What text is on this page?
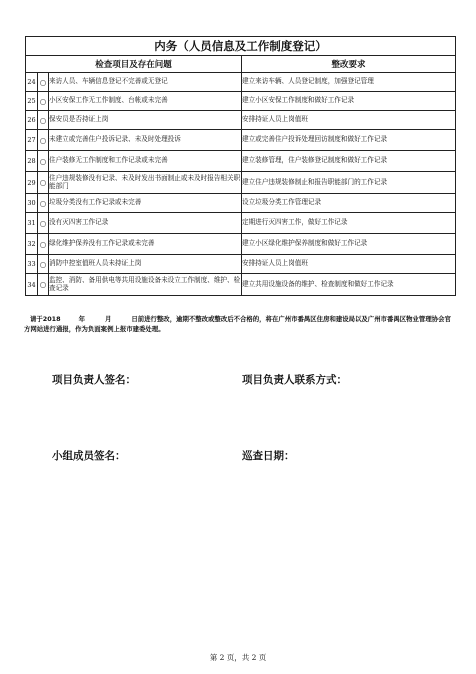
内务（人员信息及工作制度登记）			
检查项目及存在问题			整改要求
24	○	来访人员、车辆信息登记不完善或无登记	建立来访车辆、人员登记制度，加强登记管理
25	○	小区安保工作无工作制度、台帐或未完善	建立小区安保工作制度和做好工作记录
26	○	保安员是否持证上岗	安排持证人员上岗值班
27	○	未建立或完善住户投诉记录、未及时处理投诉	建立或完善住户投诉处理回访制度和做好工作记录
28	○	住户装修无工作制度和工作记录或未完善	建立装修管理，住户装修登记制度和做好工作记录
29	○	住户违规装修没有记录、未及时发出书面制止或未及时报告相关职能部门	建立住户违规装修制止和报告职能部门的工作记录
30	○	垃圾分类没有工作记录或未完善	设立垃圾分类工作管理记录
31	○	没有灭四害工作记录	定期进行灭四害工作，做好工作记录
32	○	绿化维护保养没有工作记录或未完善	建立小区绿化维护保养制度和做好工作记录
33	○	消防中控室值班人员未持证上岗	安排持证人员上岗值班
34	○	监控、消防、备用供电等共用设施设备未设立工作制度、维护、检查记录	建立共用设施设备的维护、检查制度和做好工作记录
请于2018	年	月	日前进行整改，逾期不整改或整改后不合格的，将在广州市番禺区住房和建设局以及广州市番禺区物业管理协会官方网站进行通报，作为负面案例上报市建委处理。
项目负责人签名：	项目负责人联系方式：
小组成员签名：	巡查日期：
第 2 页，共 2 页
